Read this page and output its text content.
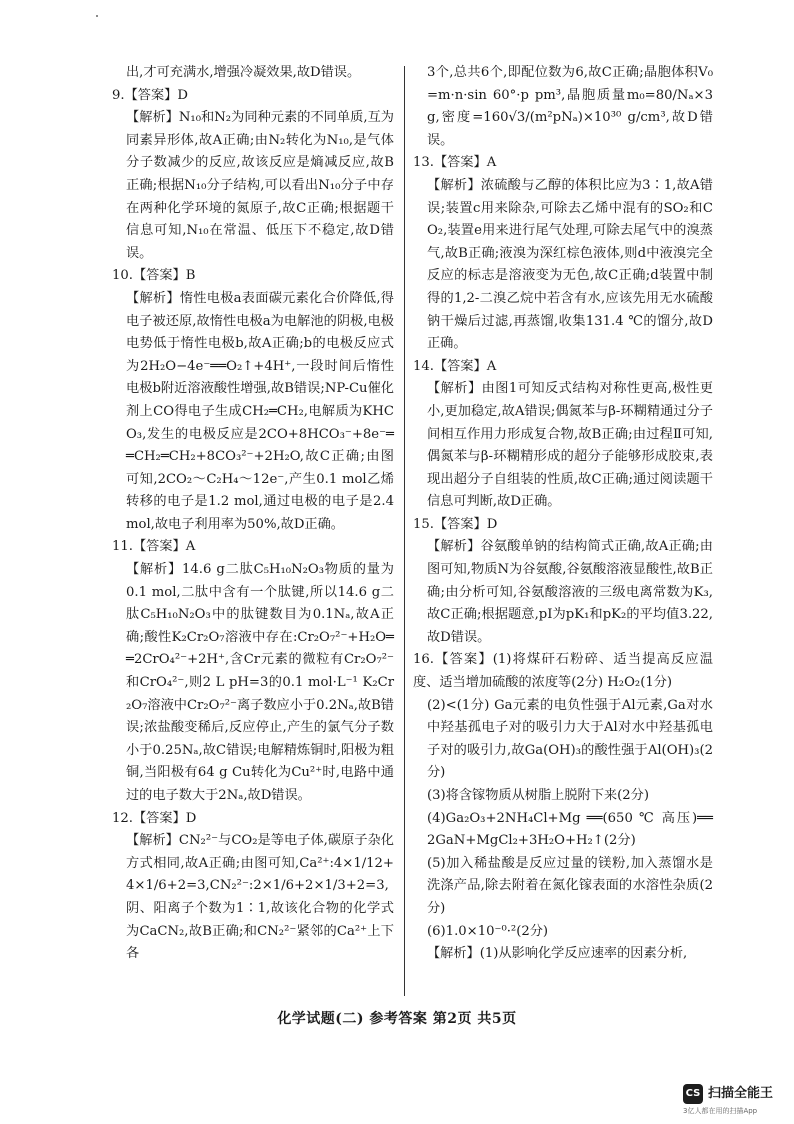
出,才可充满水,增强冷凝效果,故D错误。

9.【答案】D

【解析】N₁₀和N₂为同种元素的不同单质,互为同素异形体,故A正确;由N₂转化为N₁₀,是气体分子数减少的反应,故该反应是熵减反应,故B正确;根据N₁₀分子结构,可以看出N₁₀分子中存在两种化学环境的氮原子,故C正确;根据题干信息可知,N₁₀在常温、低压下不稳定,故D错误。

10.【答案】B

【解析】惰性电极a表面碳元素化合价降低,得电子被还原,故惰性电极a为电解池的阴极,电极电势低于惰性电极b,故A正确;b的电极反应式为2H₂O−4e⁻══O₂↑+4H⁺,一段时间后惰性电极b附近溶液酸性增强,故B错误;NP-Cu催化剂上CO得电子生成CH₂═CH₂,电解质为KHCO₃,发生的电极反应是2CO+8HCO₃⁻+8e⁻══CH₂═CH₂+8CO₃²⁻+2H₂O,故C正确;由图可知,2CO₂～C₂H₄～12e⁻,产生0.1 mol乙烯转移的电子是1.2 mol,通过电极的电子是2.4 mol,故电子利用率为50%,故D正确。

11.【答案】A

【解析】14.6 g二肽C₅H₁₀N₂O₃物质的量为0.1 mol,二肽中含有一个肽键,所以14.6 g二肽C₅H₁₀N₂O₃中的肽键数目为0.1Nₐ,故A正确;酸性K₂Cr₂O₇溶液中存在:Cr₂O₇²⁻+H₂O══2CrO₄²⁻+2H⁺,含Cr元素的微粒有Cr₂O₇²⁻和CrO₄²⁻,则2 L pH=3的0.1 mol·L⁻¹ K₂Cr₂O₇溶液中Cr₂O₇²⁻离子数应小于0.2Nₐ,故B错误;浓盐酸变稀后,反应停止,产生的氯气分子数小于0.25Nₐ,故C错误;电解精炼铜时,阳极为粗铜,当阳极有64 g Cu转化为Cu²⁺时,电路中通过的电子数大于2Nₐ,故D错误。

12.【答案】D

【解析】CN₂²⁻与CO₂是等电子体,碳原子杂化方式相同,故A正确;由图可知,Ca²⁺:4×1/12+4×1/6+2=3,CN₂²⁻:2×1/6+2×1/3+2=3,阴、阳离子个数为1∶1,故该化合物的化学式为CaCN₂,故B正确;和CN₂²⁻紧邻的Ca²⁺上下各

3个,总共6个,即配位数为6,故C正确;晶胞体积V₀=m·n·sin 60°·p pm³,晶胞质量m₀=80/Nₐ×3 g,密度=160√3/(m²pNₐ)×10³⁰ g/cm³,故D错误。

13.【答案】A

【解析】浓硫酸与乙醇的体积比应为3∶1,故A错误;装置c用来除杂,可除去乙烯中混有的SO₂和CO₂,装置e用来进行尾气处理,可除去尾气中的溴蒸气,故B正确;液溴为深红棕色液体,则d中液溴完全反应的标志是溶液变为无色,故C正确;d装置中制得的1,2-二溴乙烷中若含有水,应该先用无水硫酸钠干燥后过滤,再蒸馏,收集131.4 ℃的馏分,故D正确。

14.【答案】A

【解析】由图1可知反式结构对称性更高,极性更小,更加稳定,故A错误;偶氮苯与β-环糊精通过分子间相互作用力形成复合物,故B正确;由过程Ⅱ可知,偶氮苯与β-环糊精形成的超分子能够形成胶束,表现出超分子自组装的性质,故C正确;通过阅读题干信息可判断,故D正确。

15.【答案】D

【解析】谷氨酸单钠的结构简式正确,故A正确;由图可知,物质N为谷氨酸,谷氨酸溶液显酸性,故B正确;由分析可知,谷氨酸溶液的三级电离常数为K₃,故C正确;根据题意,pI为pK₁和pK₂的平均值3.22,故D错误。

16.【答案】(1)将煤矸石粉碎、适当提高反应温度、适当增加硫酸的浓度等(2分) H₂O₂(1分)

(2)<(1分) Ga元素的电负性强于Al元素,Ga对水中羟基孤电子对的吸引力大于Al对水中羟基孤电子对的吸引力,故Ga(OH)₃的酸性强于Al(OH)₃(2分)

(3)将含镓物质从树脂上脱附下来(2分)

(4)Ga₂O₃+2NH₄Cl+Mg ══(650 ℃ 高压)══ 2GaN+MgCl₂+3H₂O+H₂↑(2分)

(5)加入稀盐酸是反应过量的镁粉,加入蒸馏水是洗涤产品,除去附着在氮化镓表面的水溶性杂质(2分)

(6)1.0×10⁻⁰·²(2分)

【解析】(1)从影响化学反应速率的因素分析,

化学试题(二) 参考答案 第2页 共5页
CS 扫描全能王
3亿人都在用的扫描App
